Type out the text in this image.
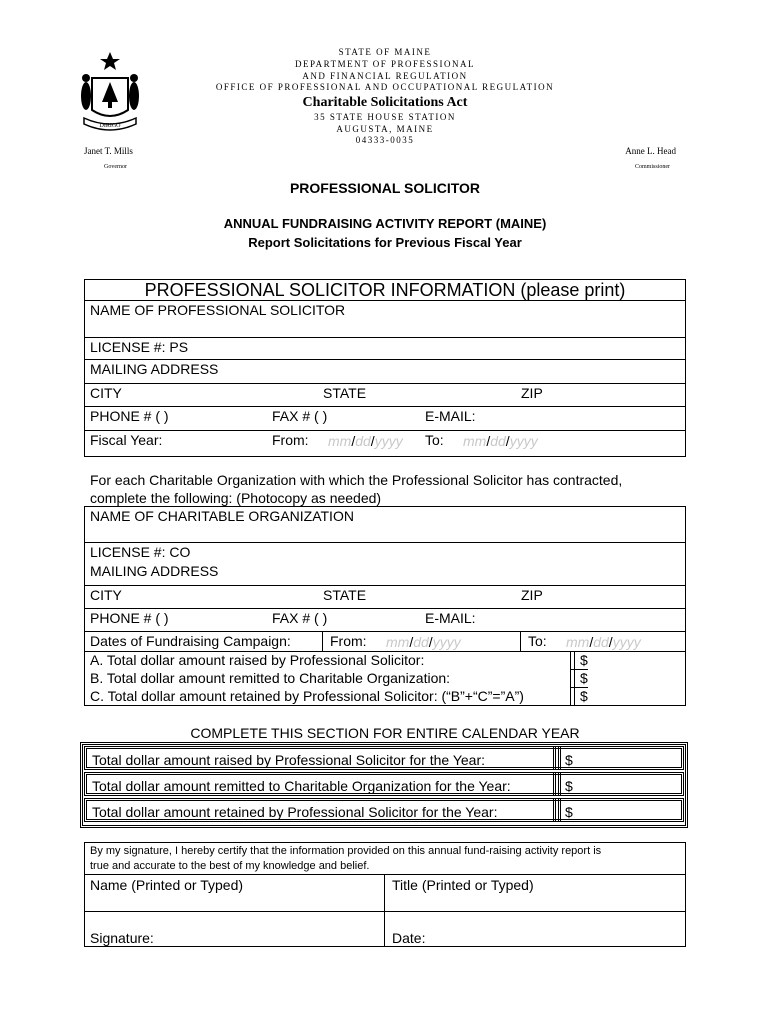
DIRIGO
STATE OF MAINE
DEPARTMENT OF PROFESSIONAL
AND FINANCIAL REGULATION
OFFICE OF PROFESSIONAL AND OCCUPATIONAL REGULATION
Charitable Solicitations Act
35 STATE HOUSE STATION
AUGUSTA, MAINE
04333-0035
Janet T. Mills
Governor
Anne L. Head
Commissioner
PROFESSIONAL SOLICITOR
ANNUAL FUNDRAISING ACTIVITY REPORT (MAINE)
Report Solicitations for Previous Fiscal Year
PROFESSIONAL SOLICITOR INFORMATION (please print)
NAME OF PROFESSIONAL SOLICITOR
LICENSE #: PS
MAILING ADDRESS
CITY	STATE	ZIP
PHONE # ( )	FAX # ( )	E-MAIL:
Fiscal Year:	From: mm/dd/yyyy To: mm/dd/yyyy
For each Charitable Organization with which the Professional Solicitor has contracted,
complete the following: (Photocopy as needed)
NAME OF CHARITABLE ORGANIZATION
LICENSE #: CO
MAILING ADDRESS
CITY	STATE	ZIP
PHONE # ( )	FAX # ( )	E-MAIL:
Dates of Fundraising Campaign:	From: mm/dd/yyyy	To: mm/dd/yyyy
A. Total dollar amount raised by Professional Solicitor:	$
B. Total dollar amount remitted to Charitable Organization:	$
C. Total dollar amount retained by Professional Solicitor: (“B”+“C”=”A”)	$
COMPLETE THIS SECTION FOR ENTIRE CALENDAR YEAR
Total dollar amount raised by Professional Solicitor for the Year:	$
Total dollar amount remitted to Charitable Organization for the Year:	$
Total dollar amount retained by Professional Solicitor for the Year:	$
By my signature, I hereby certify that the information provided on this annual fund-raising activity report is
true and accurate to the best of my knowledge and belief.
Name (Printed or Typed)	Title (Printed or Typed)
Signature:	Date:
